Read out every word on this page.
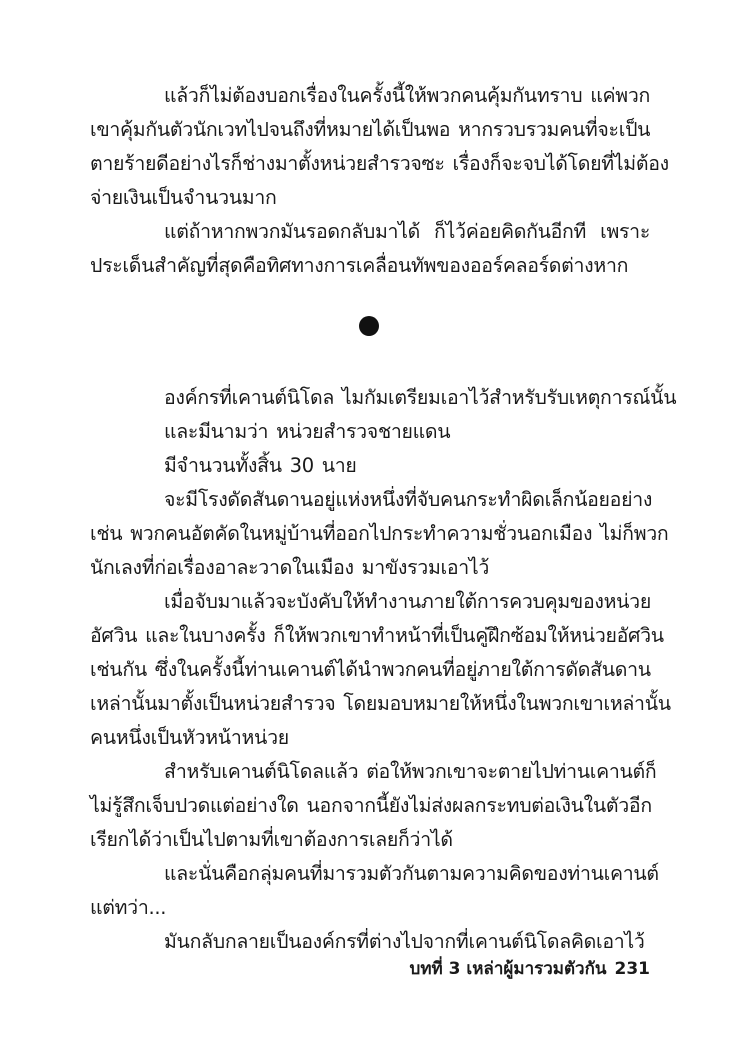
แล้วก็ไม่ต้องบอกเรื่องในครั้งนี้ให้พวกคนคุ้มกันทราบ แค่พวก
เขาคุ้มกันตัวนักเวทไปจนถึงที่หมายได้เป็นพอ หากรวบรวมคนที่จะเป็น
ตายร้ายดีอย่างไรก็ช่างมาตั้งหน่วยสำรวจซะ เรื่องก็จะจบได้โดยที่ไม่ต้อง
จ่ายเงินเป็นจำนวนมาก
แต่ถ้าหากพวกมันรอดกลับมาได้ ก็ไว้ค่อยคิดกันอีกที เพราะ
ประเด็นสำคัญที่สุดคือทิศทางการเคลื่อนทัพของออร์คลอร์ดต่างหาก
องค์กรที่เคานต์นิโดล ไมกัมเตรียมเอาไว้สำหรับรับเหตุการณ์นั้น
และมีนามว่า หน่วยสำรวจชายแดน
มีจำนวนทั้งสิ้น 30 นาย
จะมีโรงดัดสันดานอยู่แห่งหนึ่งที่จับคนกระทำผิดเล็กน้อยอย่าง
เช่น พวกคนอัตคัดในหมู่บ้านที่ออกไปกระทำความชั่วนอกเมือง ไม่ก็พวก
นักเลงที่ก่อเรื่องอาละวาดในเมือง มาขังรวมเอาไว้
เมื่อจับมาแล้วจะบังคับให้ทำงานภายใต้การควบคุมของหน่วย
อัศวิน และในบางครั้ง ก็ให้พวกเขาทำหน้าที่เป็นคู่ฝึกซ้อมให้หน่วยอัศวิน
เช่นกัน ซึ่งในครั้งนี้ท่านเคานต์ได้นำพวกคนที่อยู่ภายใต้การดัดสันดาน
เหล่านั้นมาตั้งเป็นหน่วยสำรวจ โดยมอบหมายให้หนึ่งในพวกเขาเหล่านั้น
คนหนึ่งเป็นหัวหน้าหน่วย
สำหรับเคานต์นิโดลแล้ว ต่อให้พวกเขาจะตายไปท่านเคานต์ก็
ไม่รู้สึกเจ็บปวดแต่อย่างใด นอกจากนี้ยังไม่ส่งผลกระทบต่อเงินในตัวอีก
เรียกได้ว่าเป็นไปตามที่เขาต้องการเลยก็ว่าได้
และนั่นคือกลุ่มคนที่มารวมตัวกันตามความคิดของท่านเคานต์
แต่ทว่า...
มันกลับกลายเป็นองค์กรที่ต่างไปจากที่เคานต์นิโดลคิดเอาไว้
บทที่ 3 เหล่าผู้มารวมตัวกัน 231
